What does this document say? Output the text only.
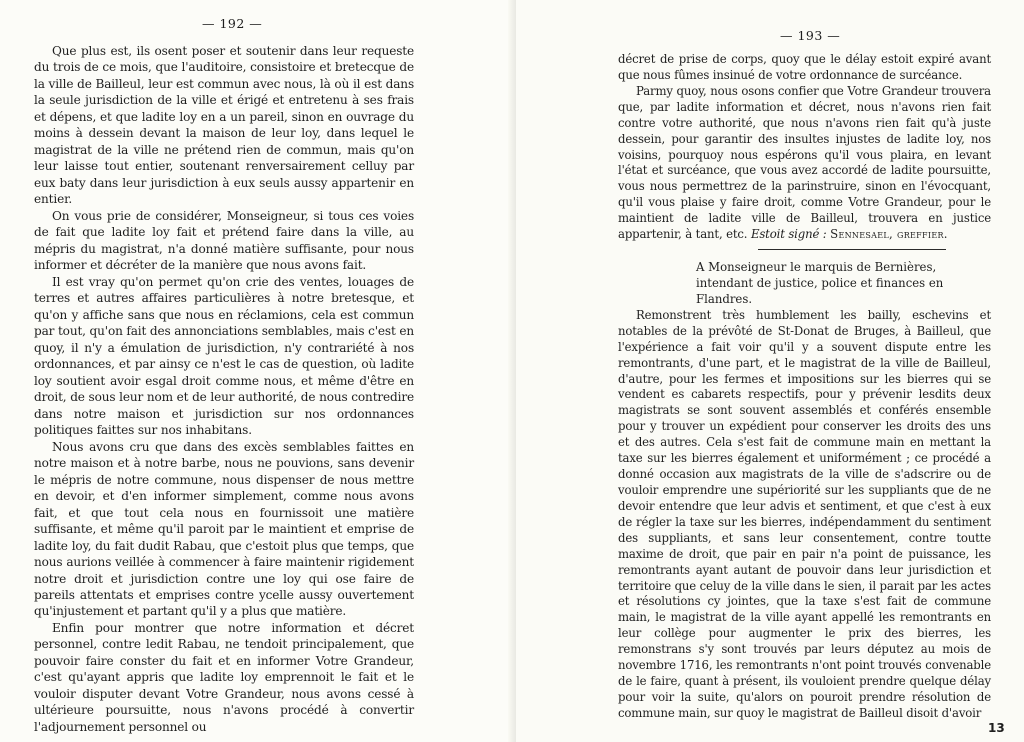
— 192 —

Que plus est, ils osent poser et soutenir dans leur requeste du trois de ce mois, que l'auditoire, consistoire et bretecque de la ville de Bailleul, leur est commun avec nous, là où il est dans la seule jurisdiction de la ville et érigé et entretenu à ses frais et dépens, et que ladite loy en a un pareil, sinon en ouvrage du moins à dessein devant la maison de leur loy, dans lequel le magistrat de la ville ne prétend rien de commun, mais qu'on leur laisse tout entier, soutenant renversairement celluy par eux baty dans leur jurisdiction à eux seuls aussy appartenir en entier.

On vous prie de considérer, Monseigneur, si tous ces voies de fait que ladite loy fait et prétend faire dans la ville, au mépris du magistrat, n'a donné matière suffisante, pour nous informer et décréter de la manière que nous avons fait.

Il est vray qu'on permet qu'on crie des ventes, louages de terres et autres affaires particulières à notre bretesque, et qu'on y affiche sans que nous en réclamions, cela est commun par tout, qu'on fait des annonciations semblables, mais c'est en quoy, il n'y a émulation de jurisdiction, n'y contrariété à nos ordonnances, et par ainsy ce n'est le cas de question, où ladite loy soutient avoir esgal droit comme nous, et même d'être en droit, de sous leur nom et de leur authorité, de nous contredire dans notre maison et jurisdiction sur nos ordonnances politiques faittes sur nos inhabitans.

Nous avons cru que dans des excès semblables faittes en notre maison et à notre barbe, nous ne pouvions, sans devenir le mépris de notre commune, nous dispenser de nous mettre en devoir, et d'en informer simplement, comme nous avons fait, et que tout cela nous en fournissoit une matière suffisante, et même qu'il paroit par le maintient et emprise de ladite loy, du fait dudit Rabau, que c'estoit plus que temps, que nous aurions veillée à commencer à faire maintenir rigidement notre droit et jurisdiction contre une loy qui ose faire de pareils attentats et emprises contre ycelle aussy ouvertement qu'injustement et partant qu'il y a plus que matière.

Enfin pour montrer que notre information et décret personnel, contre ledit Rabau, ne tendoit principalement, que pouvoir faire conster du fait et en informer Votre Grandeur, c'est qu'ayant appris que ladite loy emprennoit le fait et le vouloir disputer devant Votre Grandeur, nous avons cessé à ultérieure poursuitte, nous n'avons procédé à convertir l'adjournement personnel ou

— 193 —

décret de prise de corps, quoy que le délay estoit expiré avant que nous fûmes insinué de votre ordonnance de surcéance.

Parmy quoy, nous osons confier que Votre Grandeur trouvera que, par ladite information et décret, nous n'avons rien fait contre votre authorité, que nous n'avons rien fait qu'à juste dessein, pour garantir des insultes injustes de ladite loy, nos voisins, pourquoy nous espérons qu'il vous plaira, en levant l'état et surcéance, que vous avez accordé de ladite poursuitte, vous nous permettrez de la parinstruire, sinon en l'évocquant, qu'il vous plaise y faire droit, comme Votre Grandeur, pour le maintient de ladite ville de Bailleul, trouvera en justice appartenir, à tant, etc. Estoit signé : Sennesael, greffier.

A Monseigneur le marquis de Bernières, intendant de justice, police et finances en Flandres.

Remonstrent très humblement les bailly, eschevins et notables de la prévôté de St-Donat de Bruges, à Bailleul, que l'expérience a fait voir qu'il y a souvent dispute entre les remontrants, d'une part, et le magistrat de la ville de Bailleul, d'autre, pour les fermes et impositions sur les bierres qui se vendent es cabarets respectifs, pour y prévenir lesdits deux magistrats se sont souvent assemblés et conférés ensemble pour y trouver un expédient pour conserver les droits des uns et des autres. Cela s'est fait de commune main en mettant la taxe sur les bierres également et uniformément ; ce procédé a donné occasion aux magistrats de la ville de s'adscrire ou de vouloir emprendre une supériorité sur les suppliants que de ne devoir entendre que leur advis et sentiment, et que c'est à eux de régler la taxe sur les bierres, indépendamment du sentiment des suppliants, et sans leur consentement, contre toutte maxime de droit, que pair en pair n'a point de puissance, les remontrants ayant autant de pouvoir dans leur jurisdiction et territoire que celuy de la ville dans le sien, il parait par les actes et résolutions cy jointes, que la taxe s'est fait de commune main, le magistrat de la ville ayant appellé les remontrants en leur collège pour augmenter le prix des bierres, les remonstrans s'y sont trouvés par leurs députez au mois de novembre 1716, les remontrants n'ont point trouvés convenable de le faire, quant à présent, ils vouloient prendre quelque délay pour voir la suite, qu'alors on pouroit prendre résolution de commune main, sur quoy le magistrat de Bailleul disoit d'avoir

13
